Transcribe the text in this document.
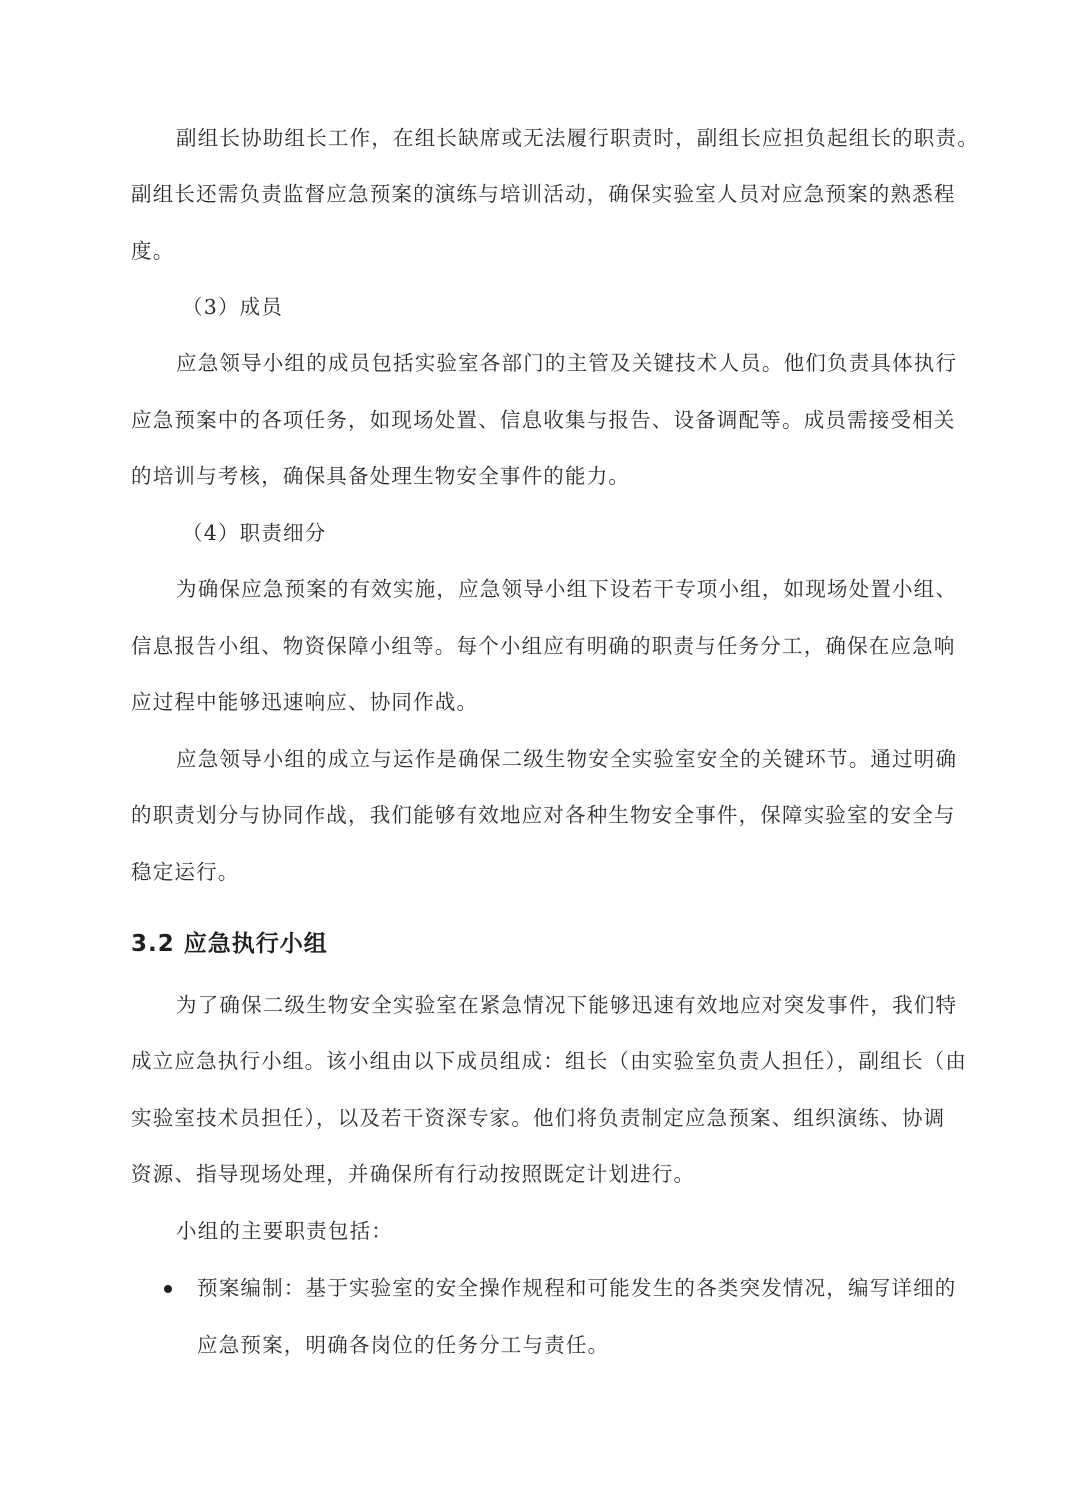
副组长协助组长工作，在组长缺席或无法履行职责时，副组长应担负起组长的职责。
副组长还需负责监督应急预案的演练与培训活动，确保实验室人员对应急预案的熟悉程
度。
（3）成员
应急领导小组的成员包括实验室各部门的主管及关键技术人员。他们负责具体执行
应急预案中的各项任务，如现场处置、信息收集与报告、设备调配等。成员需接受相关
的培训与考核，确保具备处理生物安全事件的能力。
（4）职责细分
为确保应急预案的有效实施，应急领导小组下设若干专项小组，如现场处置小组、
信息报告小组、物资保障小组等。每个小组应有明确的职责与任务分工，确保在应急响
应过程中能够迅速响应、协同作战。
应急领导小组的成立与运作是确保二级生物安全实验室安全的关键环节。通过明确
的职责划分与协同作战，我们能够有效地应对各种生物安全事件，保障实验室的安全与
稳定运行。
3.2 应急执行小组
为了确保二级生物安全实验室在紧急情况下能够迅速有效地应对突发事件，我们特
成立应急执行小组。该小组由以下成员组成：组长（由实验室负责人担任），副组长（由
实验室技术员担任），以及若干资深专家。他们将负责制定应急预案、组织演练、协调
资源、指导现场处理，并确保所有行动按照既定计划进行。
小组的主要职责包括：
预案编制：基于实验室的安全操作规程和可能发生的各类突发情况，编写详细的
应急预案，明确各岗位的任务分工与责任。
